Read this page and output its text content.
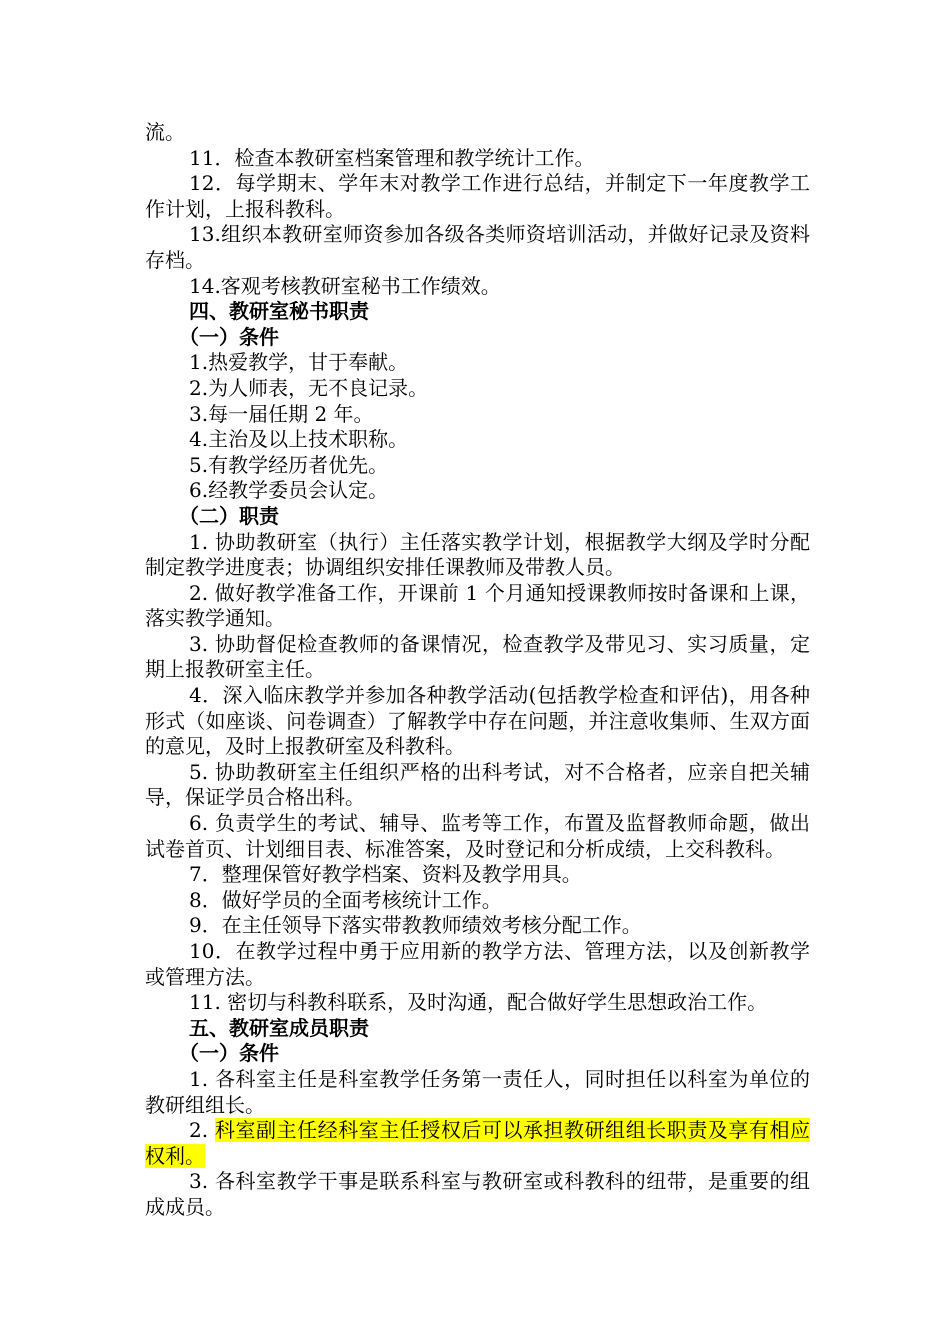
流。

11．检查本教研室档案管理和教学统计工作。

12．每学期末、学年末对教学工作进行总结，并制定下一年度教学工作计划，上报科教科。

13.组织本教研室师资参加各级各类师资培训活动，并做好记录及资料存档。

14.客观考核教研室秘书工作绩效。

四、教研室秘书职责

（一）条件

1.热爱教学，甘于奉献。

2.为人师表，无不良记录。

3.每一届任期 2 年。

4.主治及以上技术职称。

5.有教学经历者优先。

6.经教学委员会认定。

（二）职责

1. 协助教研室（执行）主任落实教学计划，根据教学大纲及学时分配制定教学进度表；协调组织安排任课教师及带教人员。

2. 做好教学准备工作，开课前 1 个月通知授课教师按时备课和上课，落实教学通知。

3. 协助督促检查教师的备课情况，检查教学及带见习、实习质量，定期上报教研室主任。

4．深入临床教学并参加各种教学活动(包括教学检查和评估)，用各种形式（如座谈、问卷调查）了解教学中存在问题，并注意收集师、生双方面的意见，及时上报教研室及科教科。

5. 协助教研室主任组织严格的出科考试，对不合格者，应亲自把关辅导，保证学员合格出科。

6. 负责学生的考试、辅导、监考等工作，布置及监督教师命题，做出试卷首页、计划细目表、标准答案，及时登记和分析成绩，上交科教科。

7．整理保管好教学档案、资料及教学用具。

8．做好学员的全面考核统计工作。

9．在主任领导下落实带教教师绩效考核分配工作。

10．在教学过程中勇于应用新的教学方法、管理方法，以及创新教学或管理方法。

11. 密切与科教科联系，及时沟通，配合做好学生思想政治工作。

五、教研室成员职责

（一）条件

1. 各科室主任是科室教学任务第一责任人，同时担任以科室为单位的教研组组长。

2. 科室副主任经科室主任授权后可以承担教研组组长职责及享有相应权利。

3. 各科室教学干事是联系科室与教研室或科教科的纽带，是重要的组成成员。
